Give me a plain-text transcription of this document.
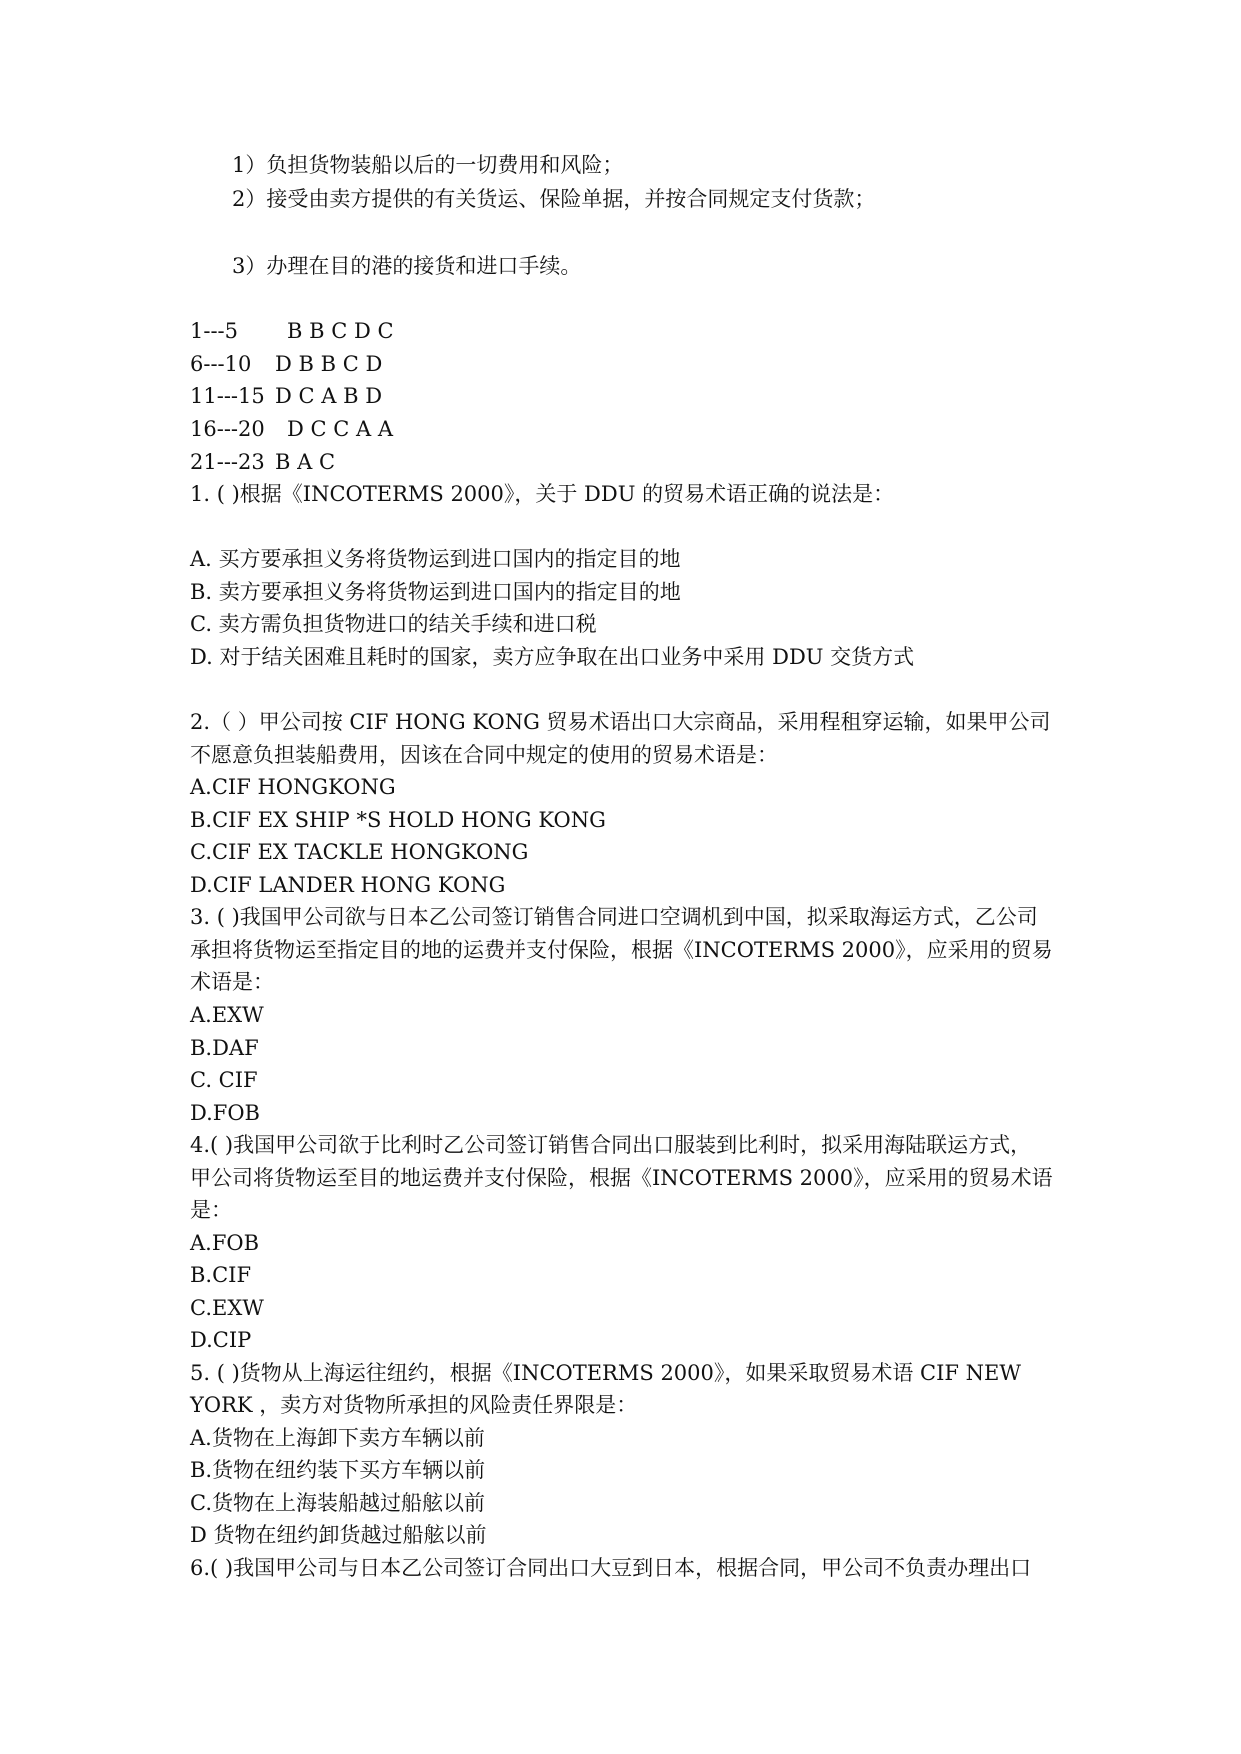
1）负担货物装船以后的一切费用和风险；
2）接受由卖方提供的有关货运、保险单据，并按合同规定支付货款；
3）办理在目的港的接货和进口手续。
1---5 B B C D C
6---10 D B B C D
11---15 D C A B D
16---20 D C C A A
21---23 B A C
1. ( )根据《INCOTERMS 2000》，关于 DDU 的贸易术语正确的说法是：
A. 买方要承担义务将货物运到进口国内的指定目的地
B. 卖方要承担义务将货物运到进口国内的指定目的地
C. 卖方需负担货物进口的结关手续和进口税
D. 对于结关困难且耗时的国家，卖方应争取在出口业务中采用 DDU 交货方式
2.（ ）甲公司按 CIF HONG KONG 贸易术语出口大宗商品，采用程租穿运输，如果甲公司
不愿意负担装船费用，因该在合同中规定的使用的贸易术语是：
A.CIF HONGKONG
B.CIF EX SHIP *S HOLD HONG KONG
C.CIF EX TACKLE HONGKONG
D.CIF LANDER HONG KONG
3. ( )我国甲公司欲与日本乙公司签订销售合同进口空调机到中国，拟采取海运方式，乙公司
承担将货物运至指定目的地的运费并支付保险，根据《INCOTERMS 2000》，应采用的贸易
术语是：
A.EXW
B.DAF
C. CIF
D.FOB
4.( )我国甲公司欲于比利时乙公司签订销售合同出口服装到比利时，拟采用海陆联运方式，
甲公司将货物运至目的地运费并支付保险，根据《INCOTERMS 2000》，应采用的贸易术语
是：
A.FOB
B.CIF
C.EXW
D.CIP
5. ( )货物从上海运往纽约，根据《INCOTERMS 2000》，如果采取贸易术语 CIF NEW
YORK ，卖方对货物所承担的风险责任界限是：
A.货物在上海卸下卖方车辆以前
B.货物在纽约装下买方车辆以前
C.货物在上海装船越过船舷以前
D 货物在纽约卸货越过船舷以前
6.( )我国甲公司与日本乙公司签订合同出口大豆到日本，根据合同，甲公司不负责办理出口
